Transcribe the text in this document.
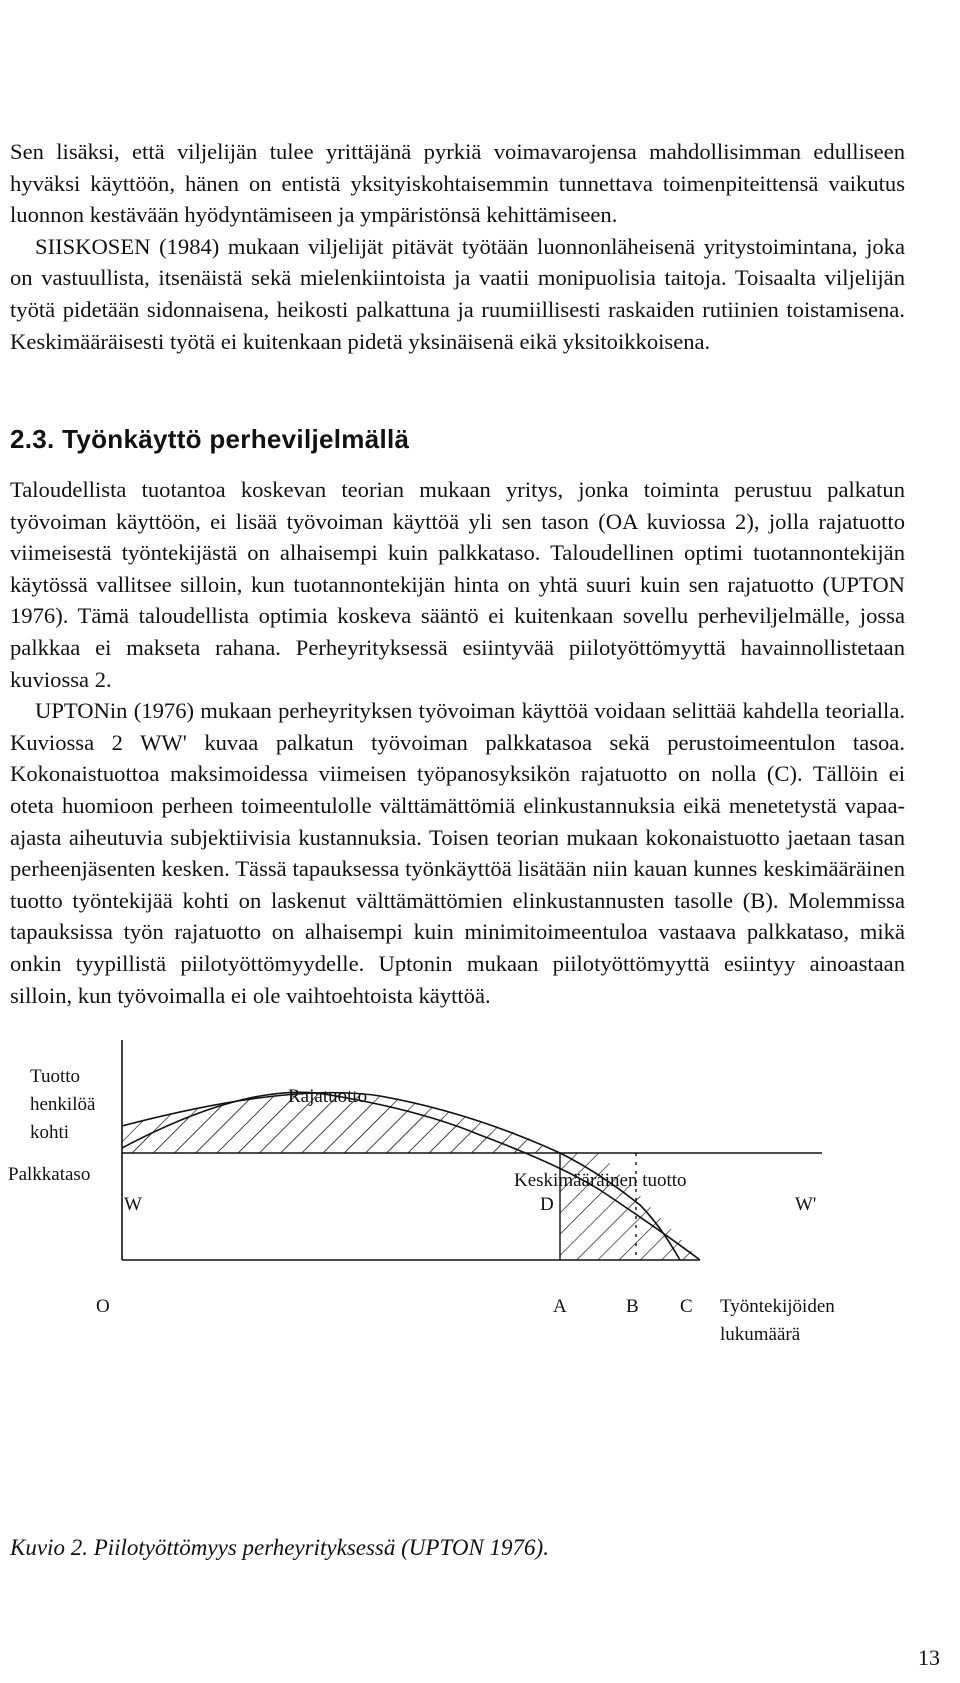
Sen lisäksi, että viljelijän tulee yrittäjänä pyrkiä voimavarojensa mahdollisimman edulliseen hyväksi käyttöön, hänen on entistä yksityiskohtaisemmin tunnettava toimenpiteittensä vaikutus luonnon kestävään hyödyntämiseen ja ympäristönsä kehittämiseen.

SIISKOSEN (1984) mukaan viljelijät pitävät työtään luonnonläheisenä yritystoimintana, joka on vastuullista, itsenäistä sekä mielenkiintoista ja vaatii monipuolisia taitoja. Toisaalta viljelijän työtä pidetään sidonnaisena, heikosti palkattuna ja ruumiillisesti raskaiden rutiinien toistamisena. Keskimääräisesti työtä ei kuitenkaan pidetä yksinäisenä eikä yksitoikkoisena.

2.3. Työnkäyttö perheviljelmällä

Taloudellista tuotantoa koskevan teorian mukaan yritys, jonka toiminta perustuu palkatun työvoiman käyttöön, ei lisää työvoiman käyttöä yli sen tason (OA kuviossa 2), jolla rajatuotto viimeisestä työntekijästä on alhaisempi kuin palkkataso. Taloudellinen optimi tuotannontekijän käytössä vallitsee silloin, kun tuotannontekijän hinta on yhtä suuri kuin sen rajatuotto (UPTON 1976). Tämä taloudellista optimia koskeva sääntö ei kuitenkaan sovellu perheviljelmälle, jossa palkkaa ei makseta rahana. Perheyrityksessä esiintyvää piilotyöttömyyttä havainnollistetaan kuviossa 2.

UPTONin (1976) mukaan perheyrityksen työvoiman käyttöä voidaan selittää kahdella teorialla. Kuviossa 2 WW' kuvaa palkatun työvoiman palkkatasoa sekä perustoimeentulon tasoa. Kokonaistuottoa maksimoidessa viimeisen työpanosyksikön rajatuotto on nolla (C). Tällöin ei oteta huomioon perheen toimeentulolle välttämättömiä elinkustannuksia eikä menetetystä vapaa-ajasta aiheutuvia subjektiivisia kustannuksia. Toisen teorian mukaan kokonaistuotto jaetaan tasan perheenjäsenten kesken. Tässä tapauksessa työnkäyttöä lisätään niin kauan kunnes keskimääräinen tuotto työntekijää kohti on laskenut välttämättömien elinkustannusten tasolle (B). Molemmissa tapauksissa työn rajatuotto on alhaisempi kuin minimitoimeentuloa vastaava palkkataso, mikä onkin tyypillistä piilotyöttömyydelle. Uptonin mukaan piilotyöttömyyttä esiintyy ainoastaan silloin, kun työvoimalla ei ole vaihtoehtoista käyttöä.

Tuotto
henkilöä
kohti
Palkkataso
Rajatuotto
Keskimääräinen tuotto
W	D	W'
O	A	B C Työntekijöiden
lukumäärä
Kuvio 2. Piilotyöttömyys perheyrityksessä (UPTON 1976).
13
